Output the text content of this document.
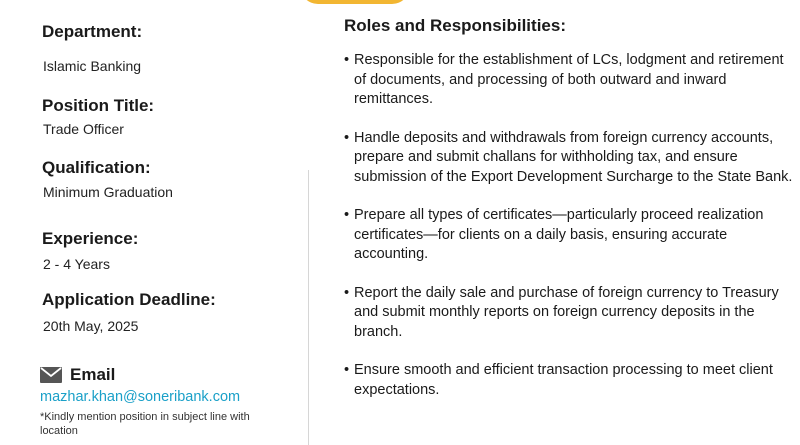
Department:
Islamic Banking
Position Title:
Trade Officer
Qualification:
Minimum Graduation
Experience:
2 - 4 Years
Application Deadline:
20th May, 2025
Email
mazhar.khan@soneribank.com
*Kindly mention position in subject line with location
Roles and Responsibilities:
• Responsible for the establishment of LCs, lodgment and retirement of documents, and processing of both outward and inward remittances.
• Handle deposits and withdrawals from foreign currency accounts, prepare and submit challans for withholding tax, and ensure submission of the Export Development Surcharge to the State Bank.
• Prepare all types of certificates—particularly proceed realization certificates—for clients on a daily basis, ensuring accurate accounting.
• Report the daily sale and purchase of foreign currency to Treasury and submit monthly reports on foreign currency deposits in the branch.
• Ensure smooth and efficient transaction processing to meet client expectations.
